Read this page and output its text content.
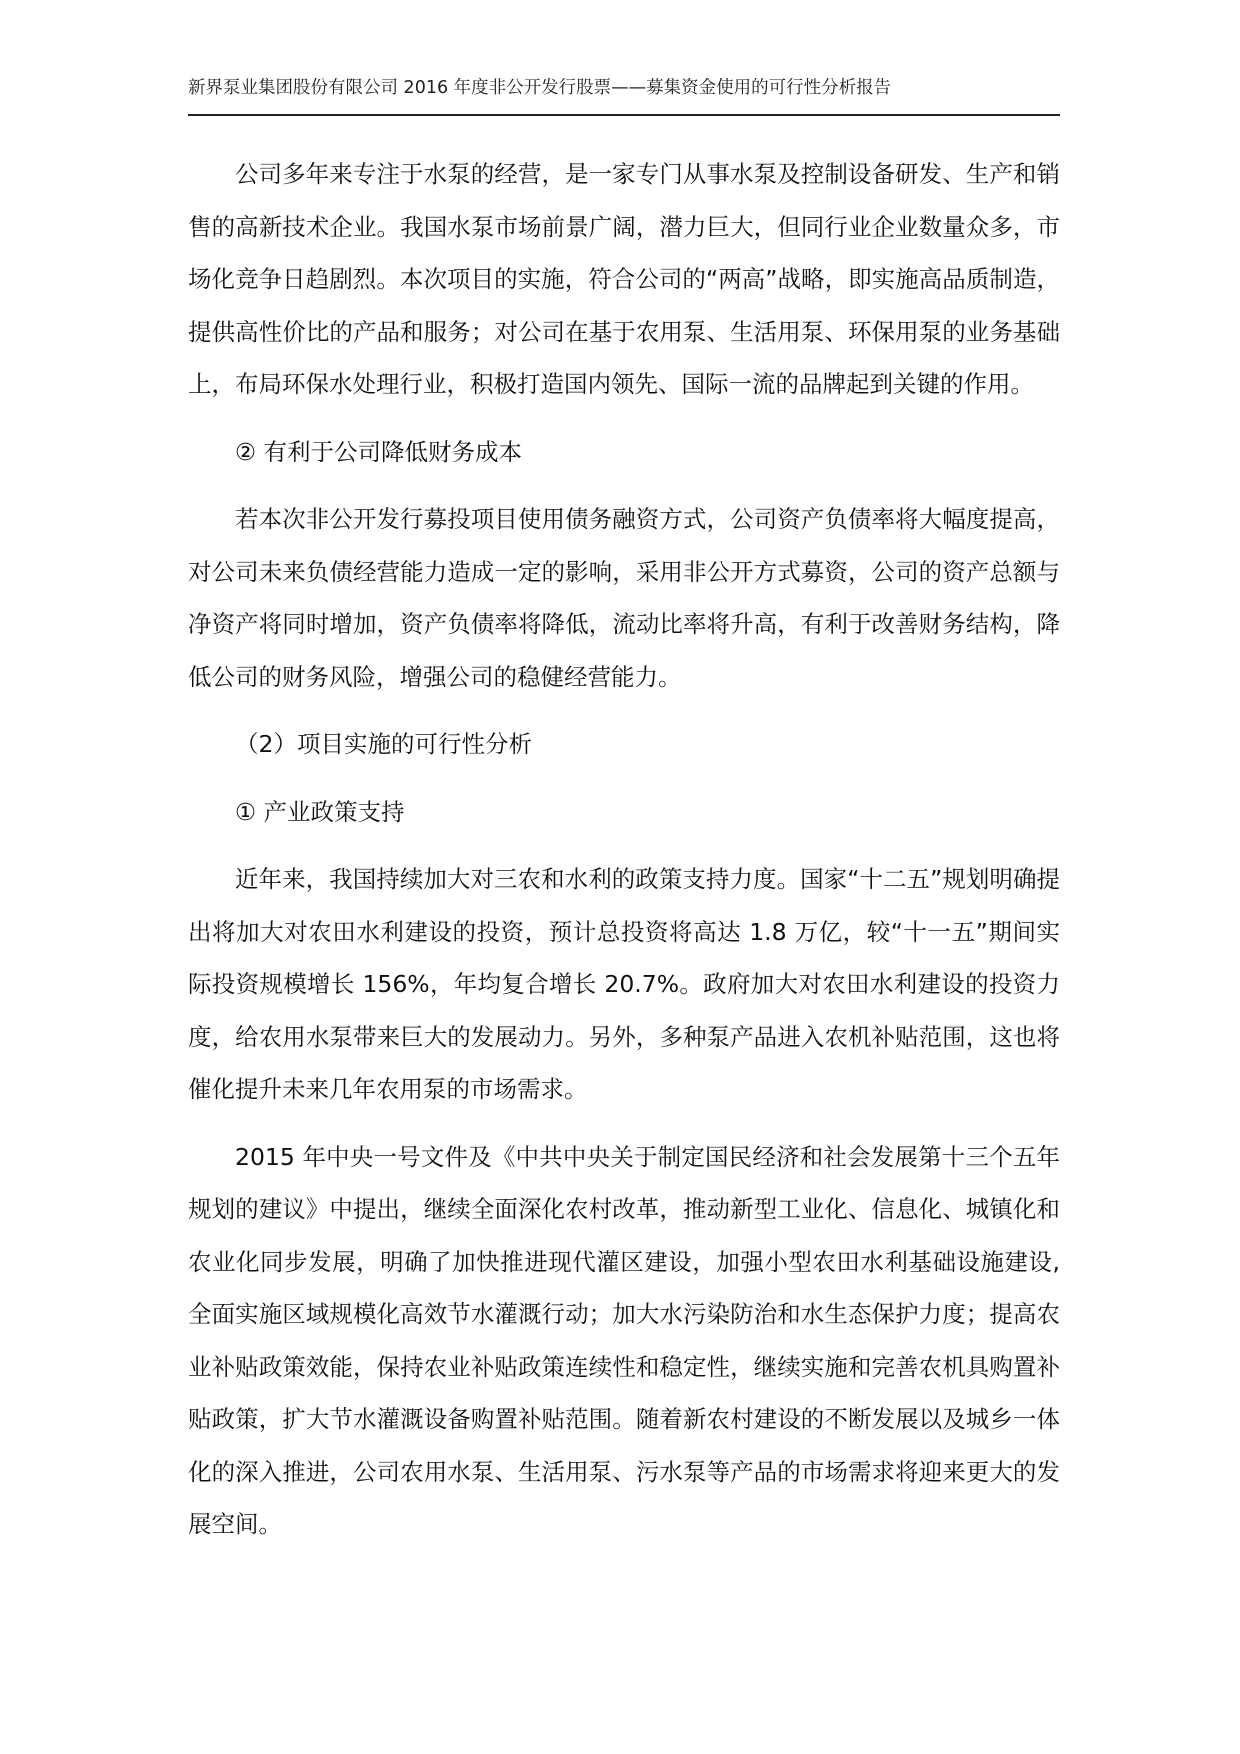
新界泵业集团股份有限公司 2016 年度非公开发行股票——募集资金使用的可行性分析报告

公司多年来专注于水泵的经营，是一家专门从事水泵及控制设备研发、生产和销售的高新技术企业。我国水泵市场前景广阔，潜力巨大，但同行业企业数量众多，市场化竞争日趋剧烈。本次项目的实施，符合公司的“两高”战略，即实施高品质制造，提供高性价比的产品和服务；对公司在基于农用泵、生活用泵、环保用泵的业务基础上，布局环保水处理行业，积极打造国内领先、国际一流的品牌起到关键的作用。

② 有利于公司降低财务成本

若本次非公开发行募投项目使用债务融资方式，公司资产负债率将大幅度提高，对公司未来负债经营能力造成一定的影响，采用非公开方式募资，公司的资产总额与净资产将同时增加，资产负债率将降低，流动比率将升高，有利于改善财务结构，降低公司的财务风险，增强公司的稳健经营能力。

（2）项目实施的可行性分析

① 产业政策支持

近年来，我国持续加大对三农和水利的政策支持力度。国家“十二五”规划明确提出将加大对农田水利建设的投资，预计总投资将高达 1.8 万亿，较“十一五”期间实际投资规模增长 156%，年均复合增长 20.7%。政府加大对农田水利建设的投资力度，给农用水泵带来巨大的发展动力。另外，多种泵产品进入农机补贴范围，这也将催化提升未来几年农用泵的市场需求。

2015 年中央一号文件及《中共中央关于制定国民经济和社会发展第十三个五年规划的建议》中提出，继续全面深化农村改革，推动新型工业化、信息化、城镇化和农业化同步发展，明确了加快推进现代灌区建设，加强小型农田水利基础设施建设,全面实施区域规模化高效节水灌溉行动；加大水污染防治和水生态保护力度；提高农业补贴政策效能，保持农业补贴政策连续性和稳定性，继续实施和完善农机具购置补贴政策，扩大节水灌溉设备购置补贴范围。随着新农村建设的不断发展以及城乡一体化的深入推进，公司农用水泵、生活用泵、污水泵等产品的市场需求将迎来更大的发展空间。
